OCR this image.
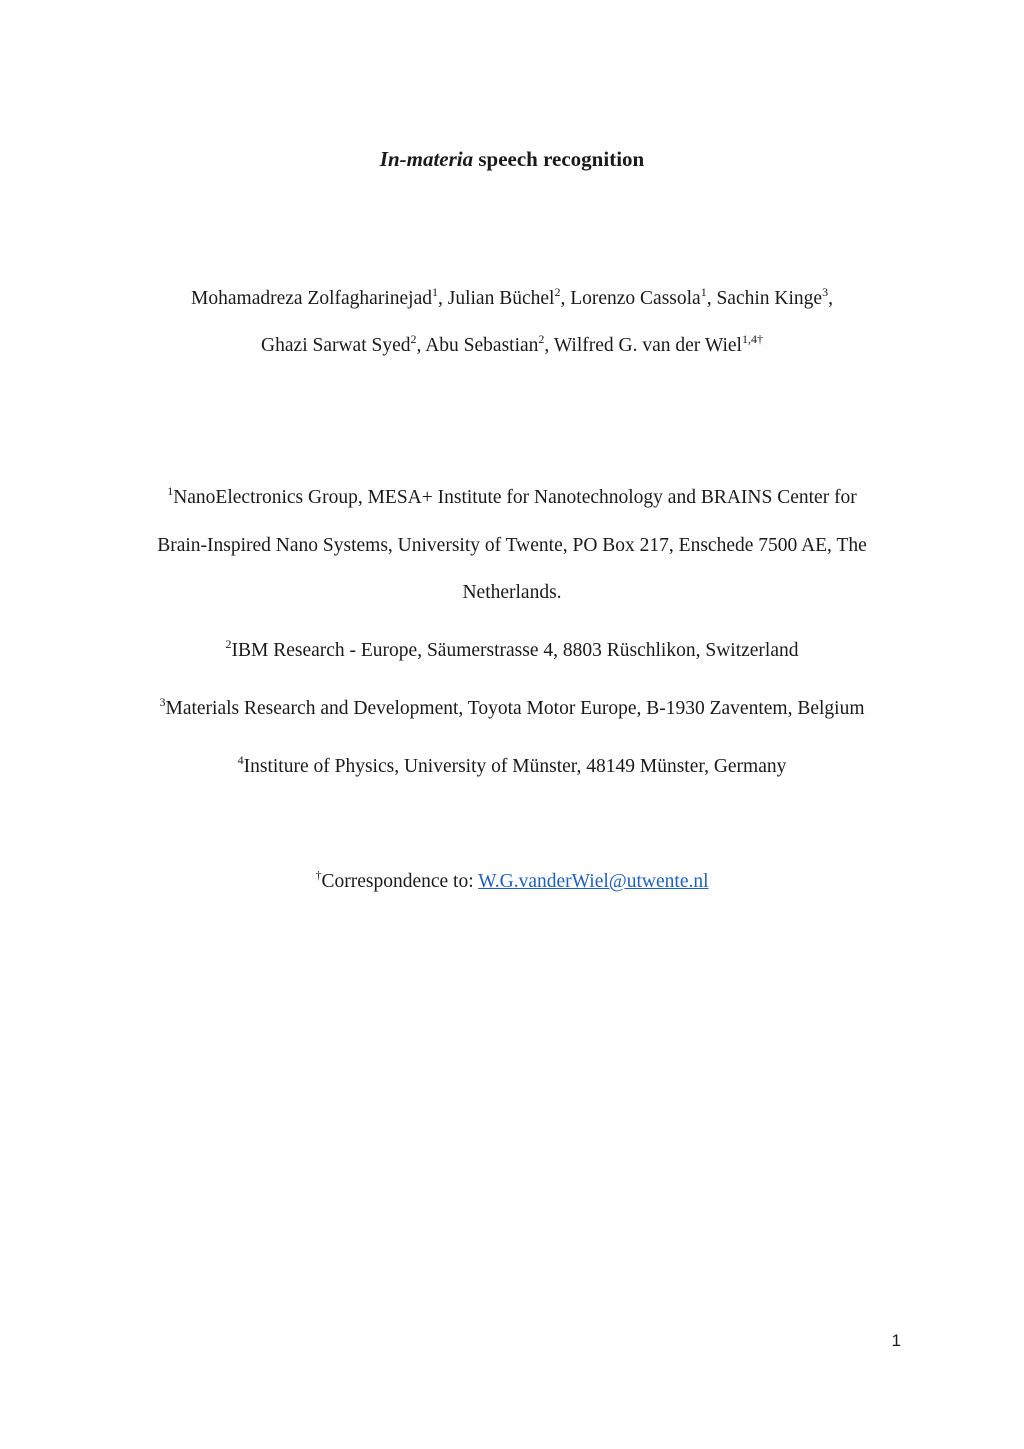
In-materia speech recognition
Mohamadreza Zolfagharinejad$^1$, Julian Büchel$^2$, Lorenzo Cassola$^1$, Sachin Kinge$^3$,
Ghazi Sarwat Syed$^2$, Abu Sebastian$^2$, Wilfred G. van der Wiel$^{1,4\dagger}$
$^1$NanoElectronics Group, MESA+ Institute for Nanotechnology and BRAINS Center for
Brain-Inspired Nano Systems, University of Twente, PO Box 217, Enschede 7500 AE, The
Netherlands.
$^2$IBM Research - Europe, Säumerstrasse 4, 8803 Rüschlikon, Switzerland
$^3$Materials Research and Development, Toyota Motor Europe, B-1930 Zaventem, Belgium
$^4$Institure of Physics, University of Münster, 48149 Münster, Germany
†Correspondence to: W.G.vanderWiel@utwente.nl
1
